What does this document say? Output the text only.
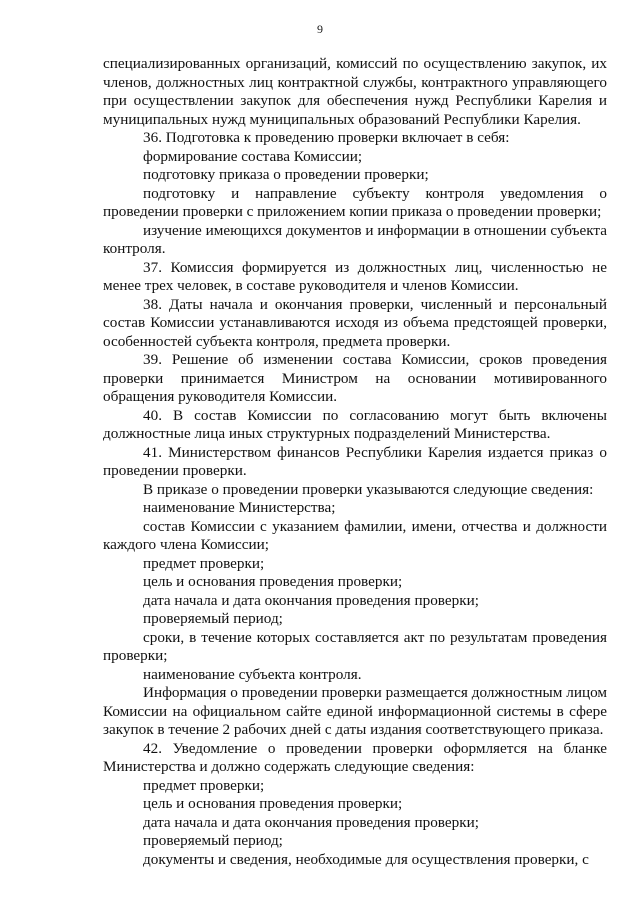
9

специализированных организаций, комиссий по осуществлению закупок, их членов, должностных лиц контрактной службы, контрактного управляющего при осуществлении закупок для обеспечения нужд Республики Карелия и муниципальных нужд муниципальных образований Республики Карелия.

36. Подготовка к проведению проверки включает в себя:

формирование состава Комиссии;

подготовку приказа о проведении проверки;

подготовку и направление субъекту контроля уведомления о проведении проверки с приложением копии приказа о проведении проверки;

изучение имеющихся документов и информации в отношении субъекта контроля.

37. Комиссия формируется из должностных лиц, численностью не менее трех человек, в составе руководителя и членов Комиссии.

38. Даты начала и окончания проверки, численный и персональный состав Комиссии устанавливаются исходя из объема предстоящей проверки, особенностей субъекта контроля, предмета проверки.

39. Решение об изменении состава Комиссии, сроков проведения проверки принимается Министром на основании мотивированного обращения руководителя Комиссии.

40. В состав Комиссии по согласованию могут быть включены должностные лица иных структурных подразделений Министерства.

41. Министерством финансов Республики Карелия издается приказ о проведении проверки.

В приказе о проведении проверки указываются следующие сведения:

наименование Министерства;

состав Комиссии с указанием фамилии, имени, отчества и должности каждого члена Комиссии;

предмет проверки;

цель и основания проведения проверки;

дата начала и дата окончания проведения проверки;

проверяемый период;

сроки, в течение которых составляется акт по результатам проведения проверки;

наименование субъекта контроля.

Информация о проведении проверки размещается должностным лицом Комиссии на официальном сайте единой информационной системы в сфере закупок в течение 2 рабочих дней с даты издания соответствующего приказа.

42. Уведомление о проведении проверки оформляется на бланке Министерства и должно содержать следующие сведения:

предмет проверки;

цель и основания проведения проверки;

дата начала и дата окончания проведения проверки;

проверяемый период;

документы и сведения, необходимые для осуществления проверки, с
